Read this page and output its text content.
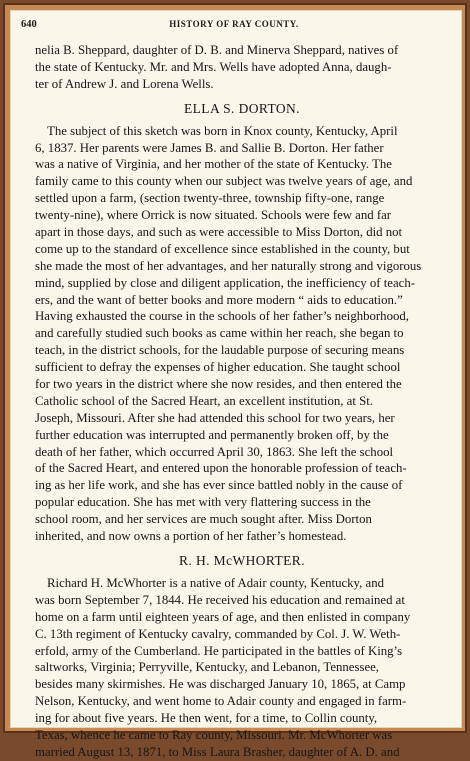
640	HISTORY OF RAY COUNTY.
nelia B. Sheppard, daughter of D. B. and Minerva Sheppard, natives of
the state of Kentucky. Mr. and Mrs. Wells have adopted Anna, daugh-
ter of Andrew J. and Lorena Wells.
ELLA S. DORTON.
The subject of this sketch was born in Knox county, Kentucky, April
6, 1837. Her parents were James B. and Sallie B. Dorton. Her father
was a native of Virginia, and her mother of the state of Kentucky. The
family came to this county when our subject was twelve years of age, and
settled upon a farm, (section twenty-three, township fifty-one, range
twenty-nine), where Orrick is now situated. Schools were few and far
apart in those days, and such as were accessible to Miss Dorton, did not
come up to the standard of excellence since established in the county, but
she made the most of her advantages, and her naturally strong and vigorous
mind, supplied by close and diligent application, the inefficiency of teach-
ers, and the want of better books and more modern “ aids to education.”
Having exhausted the course in the schools of her father’s neighborhood,
and carefully studied such books as came within her reach, she began to
teach, in the district schools, for the laudable purpose of securing means
sufficient to defray the expenses of higher education. She taught school
for two years in the district where she now resides, and then entered the
Catholic school of the Sacred Heart, an excellent institution, at St.
Joseph, Missouri. After she had attended this school for two years, her
further education was interrupted and permanently broken off, by the
death of her father, which occurred April 30, 1863. She left the school
of the Sacred Heart, and entered upon the honorable profession of teach-
ing as her life work, and she has ever since battled nobly in the cause of
popular education. She has met with very flattering success in the
school room, and her services are much sought after. Miss Dorton
inherited, and now owns a portion of her father’s homestead.
R. H. McWHORTER.
Richard H. McWhorter is a native of Adair county, Kentucky, and
was born September 7, 1844. He received his education and remained at
home on a farm until eighteen years of age, and then enlisted in company
C. 13th regiment of Kentucky cavalry, commanded by Col. J. W. Weth-
erfold, army of the Cumberland. He participated in the battles of King’s
saltworks, Virginia; Perryville, Kentucky, and Lebanon, Tennessee,
besides many skirmishes. He was discharged January 10, 1865, at Camp
Nelson, Kentucky, and went home to Adair county and engaged in farm-
ing for about five years. He then went, for a time, to Collin county,
Texas, whence he came to Ray county, Missouri. Mr. McWhorter was
married August 13, 1871, to Miss Laura Brasher, daughter of A. D. and
